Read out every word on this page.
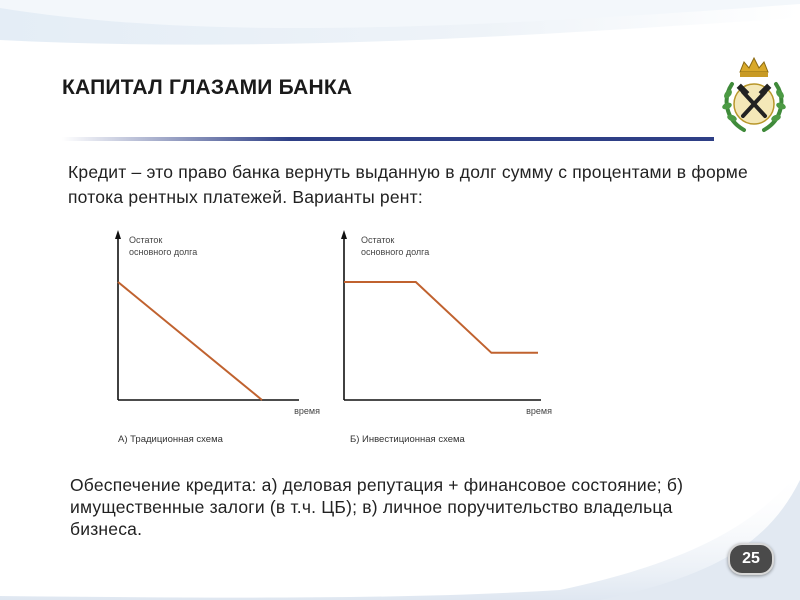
КАПИТАЛ ГЛАЗАМИ БАНКА

Кредит – это право банка вернуть выданную в долг сумму с процентами в форме потока рентных платежей. Варианты рент:

Остаток
основного долга
время
А) Традиционная схема
Остаток
основного долга
время
Б) Инвестиционная схема

Обеспечение кредита: а) деловая репутация + финансовое состояние; б) имущественные залоги (в т.ч. ЦБ); в) личное поручительство владельца бизнеса.

25
